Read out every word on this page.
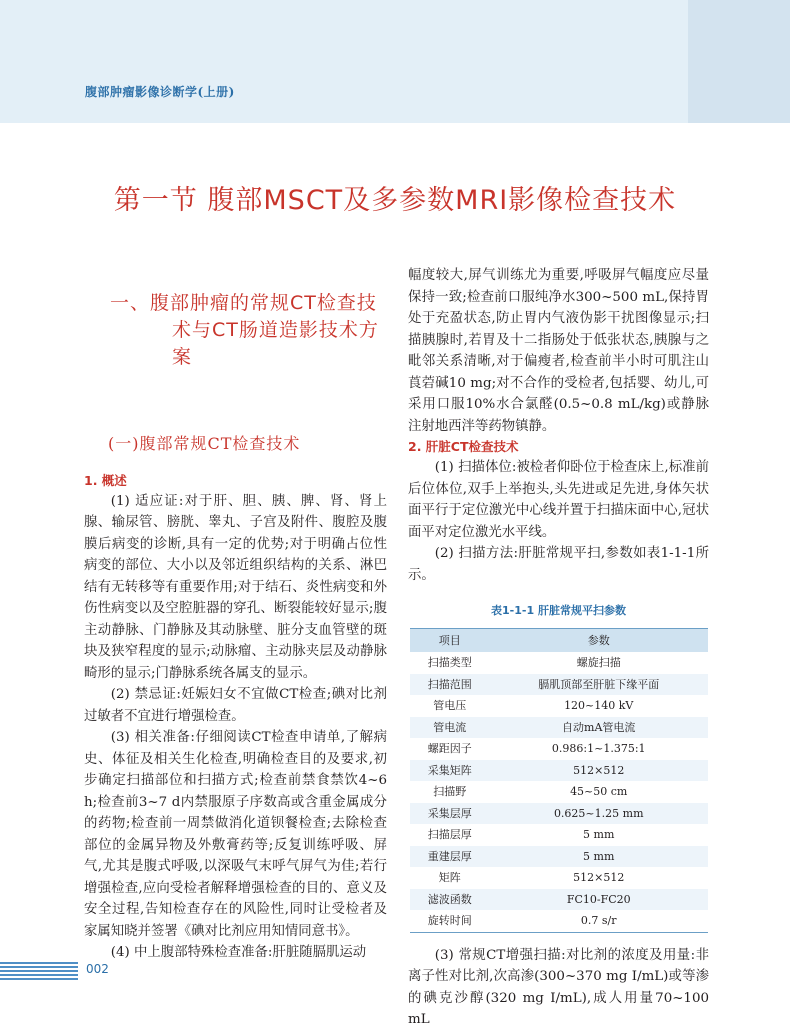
腹部肿瘤影像诊断学(上册)
第一节 腹部MSCT及多参数MRI影像检查技术
一、腹部肿瘤的常规CT检查技术与CT肠道造影技术方案
(一)腹部常规CT检查技术
1. 概述

(1) 适应证:对于肝、胆、胰、脾、肾、肾上腺、输尿管、膀胱、睾丸、子宫及附件、腹腔及腹膜后病变的诊断,具有一定的优势;对于明确占位性病变的部位、大小以及邻近组织结构的关系、淋巴结有无转移等有重要作用;对于结石、炎性病变和外伤性病变以及空腔脏器的穿孔、断裂能较好显示;腹主动静脉、门静脉及其动脉壁、脏分支血管壁的斑块及狭窄程度的显示;动脉瘤、主动脉夹层及动静脉畸形的显示;门静脉系统各属支的显示。

(2) 禁忌证:妊娠妇女不宜做CT检查;碘对比剂过敏者不宜进行增强检查。

(3) 相关准备:仔细阅读CT检查申请单,了解病史、体征及相关生化检查,明确检查目的及要求,初步确定扫描部位和扫描方式;检查前禁食禁饮4~6 h;检查前3~7 d内禁服原子序数高或含重金属成分的药物;检查前一周禁做消化道钡餐检查;去除检查部位的金属异物及外敷膏药等;反复训练呼吸、屏气,尤其是腹式呼吸,以深吸气末呼气屏气为佳;若行增强检查,应向受检者解释增强检查的目的、意义及安全过程,告知检查存在的风险性,同时让受检者及家属知晓并签署《碘对比剂应用知情同意书》。

(4) 中上腹部特殊检查准备:肝脏随膈肌运动

幅度较大,屏气训练尤为重要,呼吸屏气幅度应尽量保持一致;检查前口服纯净水300~500 mL,保持胃处于充盈状态,防止胃内气液伪影干扰图像显示;扫描胰腺时,若胃及十二指肠处于低张状态,胰腺与之毗邻关系清晰,对于偏瘦者,检查前半小时可肌注山莨菪碱10 mg;对不合作的受检者,包括婴、幼儿,可采用口服10%水合氯醛(0.5~0.8 mL/kg)或静脉注射地西泮等药物镇静。

2. 肝脏CT检查技术

(1) 扫描体位:被检者仰卧位于检查床上,标准前后位体位,双手上举抱头,头先进或足先进,身体矢状面平行于定位激光中心线并置于扫描床面中心,冠状面平对定位激光水平线。

(2) 扫描方法:肝脏常规平扫,参数如表1-1-1所示。

表1-1-1 肝脏常规平扫参数
项目	参数
扫描类型	螺旋扫描
扫描范围	膈肌顶部至肝脏下缘平面
管电压	120~140 kV
管电流	自动mA管电流
螺距因子	0.986:1~1.375:1
采集矩阵	512×512
扫描野	45~50 cm
采集层厚	0.625~1.25 mm
扫描层厚	5 mm
重建层厚	5 mm
矩阵	512×512
滤波函数	FC10-FC20
旋转时间	0.7 s/r

(3) 常规CT增强扫描:对比剂的浓度及用量:非离子性对比剂,次高渗(300~370 mg I/mL)或等渗的碘克沙醇(320 mg I/mL),成人用量70~100 mL

002
